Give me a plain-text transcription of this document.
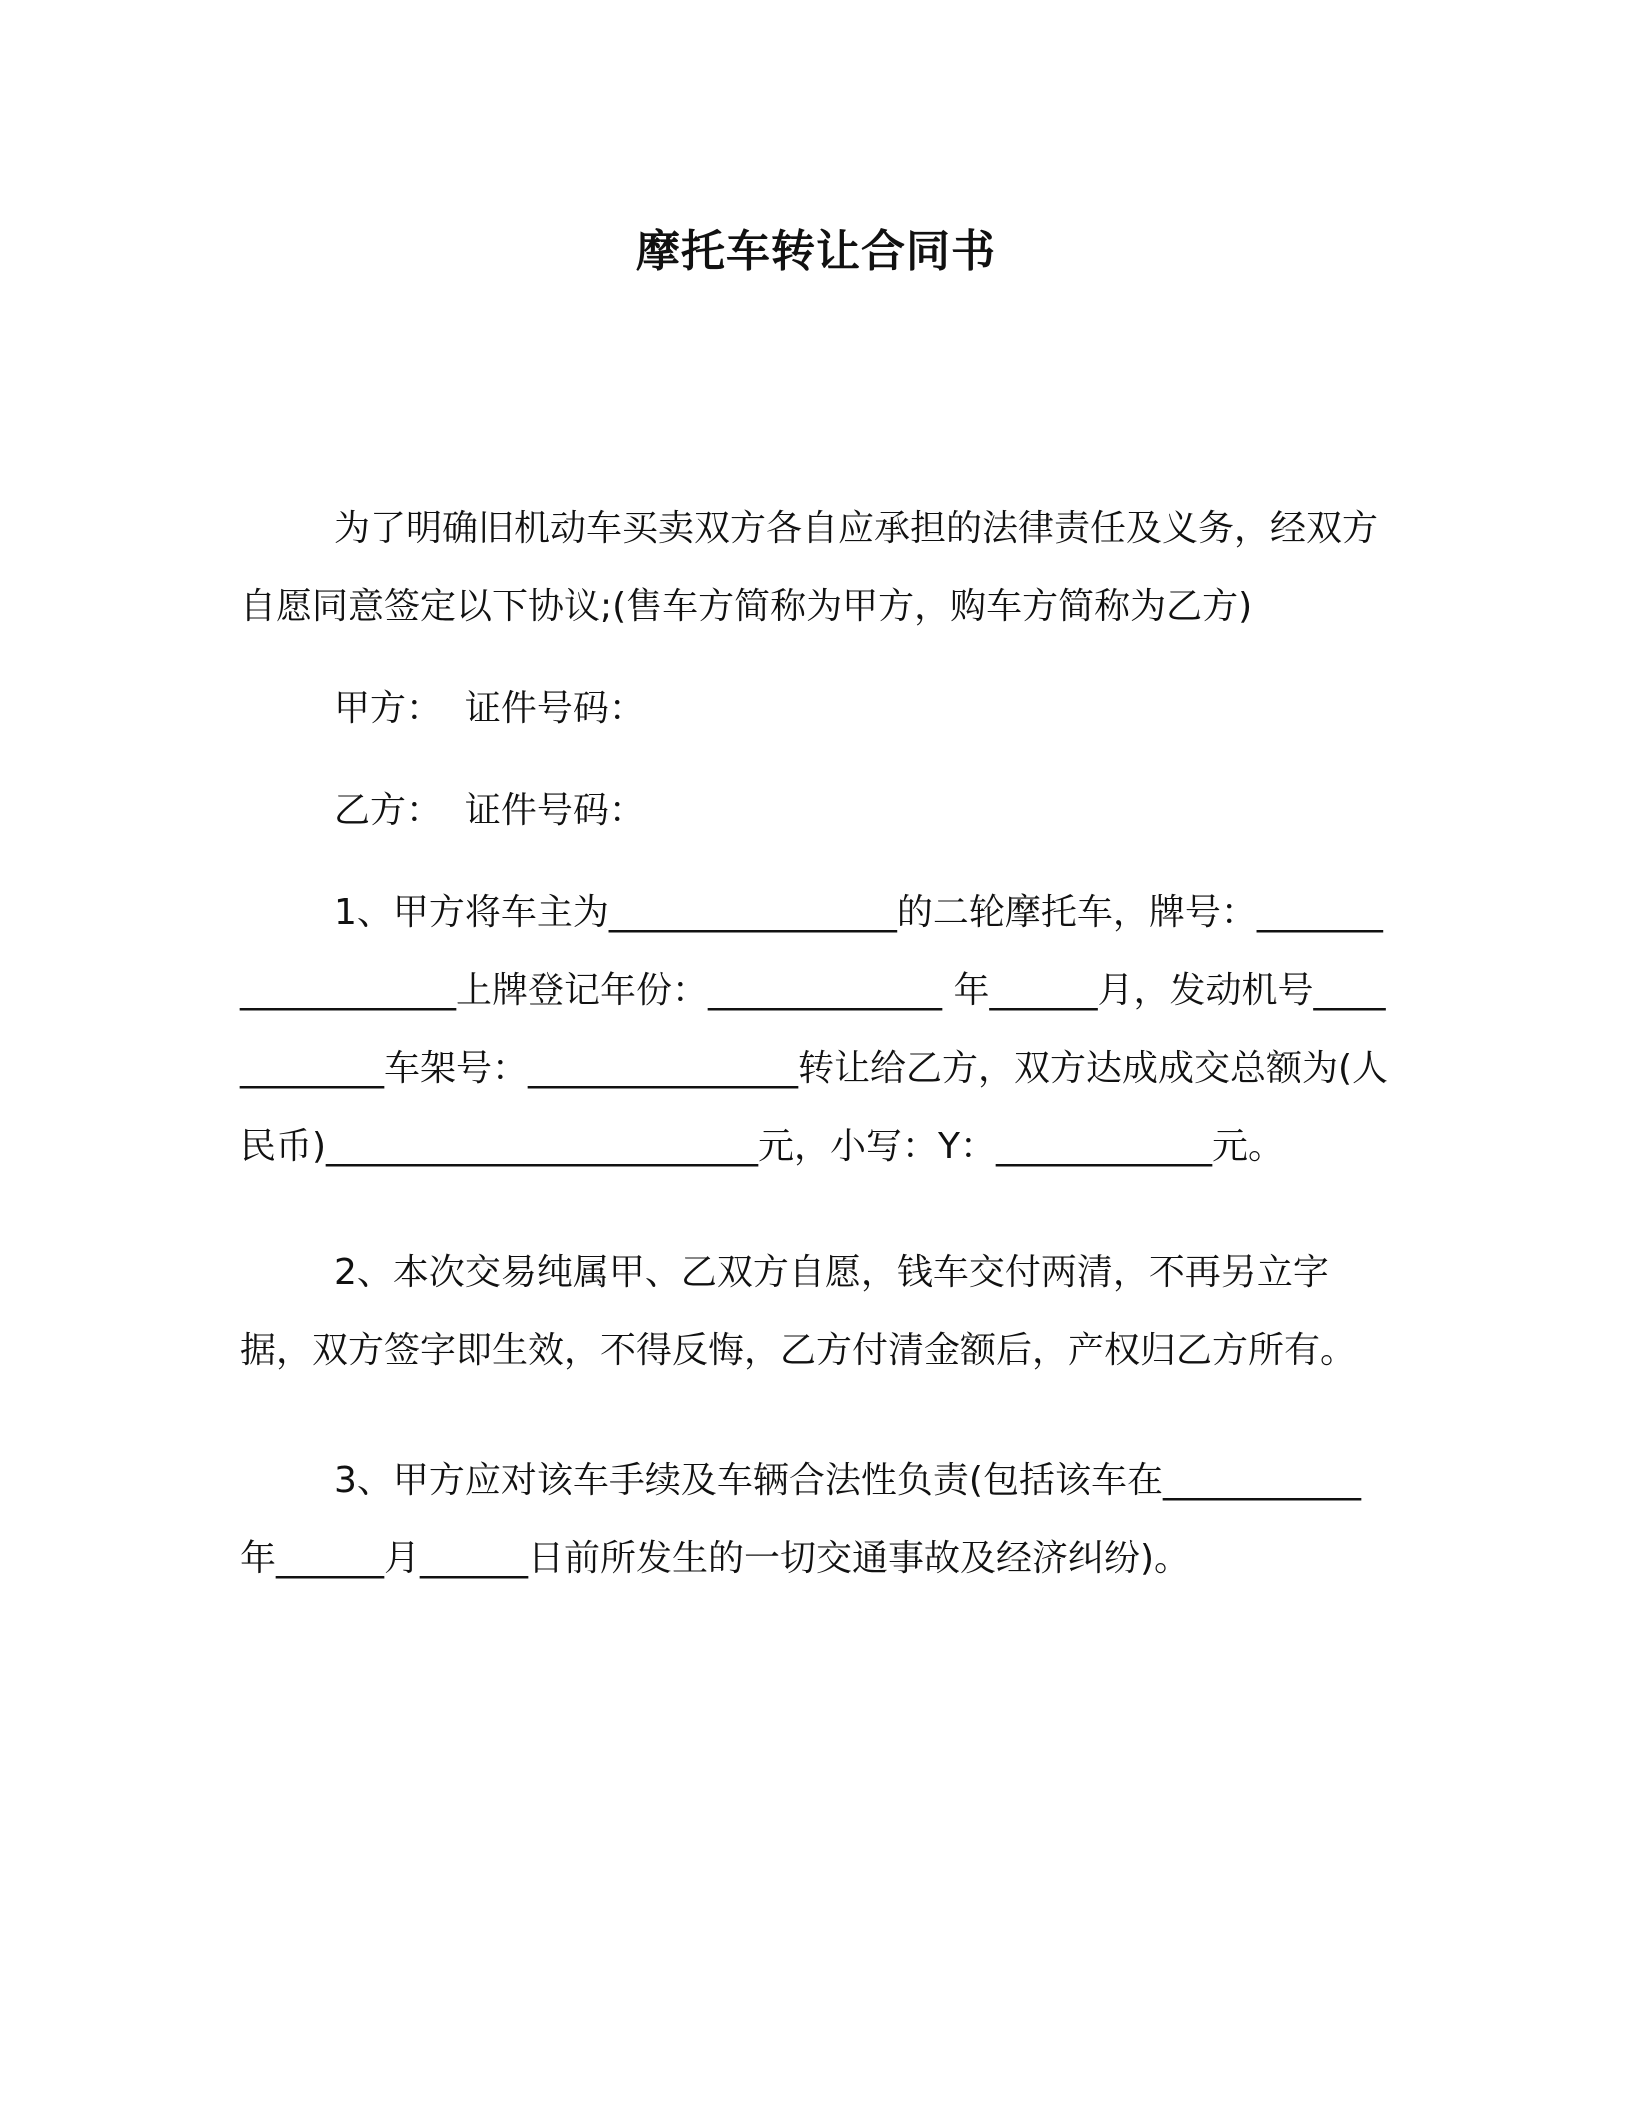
摩托车转让合同书

为了明确旧机动车买卖双方各自应承担的法律责任及义务，经双方自愿同意签定以下协议;(售车方简称为甲方，购车方简称为乙方)

甲方：  证件号码：

乙方：  证件号码：

1、甲方将车主为________________的二轮摩托车，牌号：___________________上牌登记年份：_____________ 年______月，发动机号____________车架号：_______________转让给乙方，双方达成成交总额为(人民币)________________________元，小写：Y：____________元。

2、本次交易纯属甲、乙双方自愿，钱车交付两清，不再另立字据，双方签字即生效，不得反悔，乙方付清金额后，产权归乙方所有。

3、甲方应对该车手续及车辆合法性负责(包括该车在___________年______月______日前所发生的一切交通事故及经济纠纷)。
